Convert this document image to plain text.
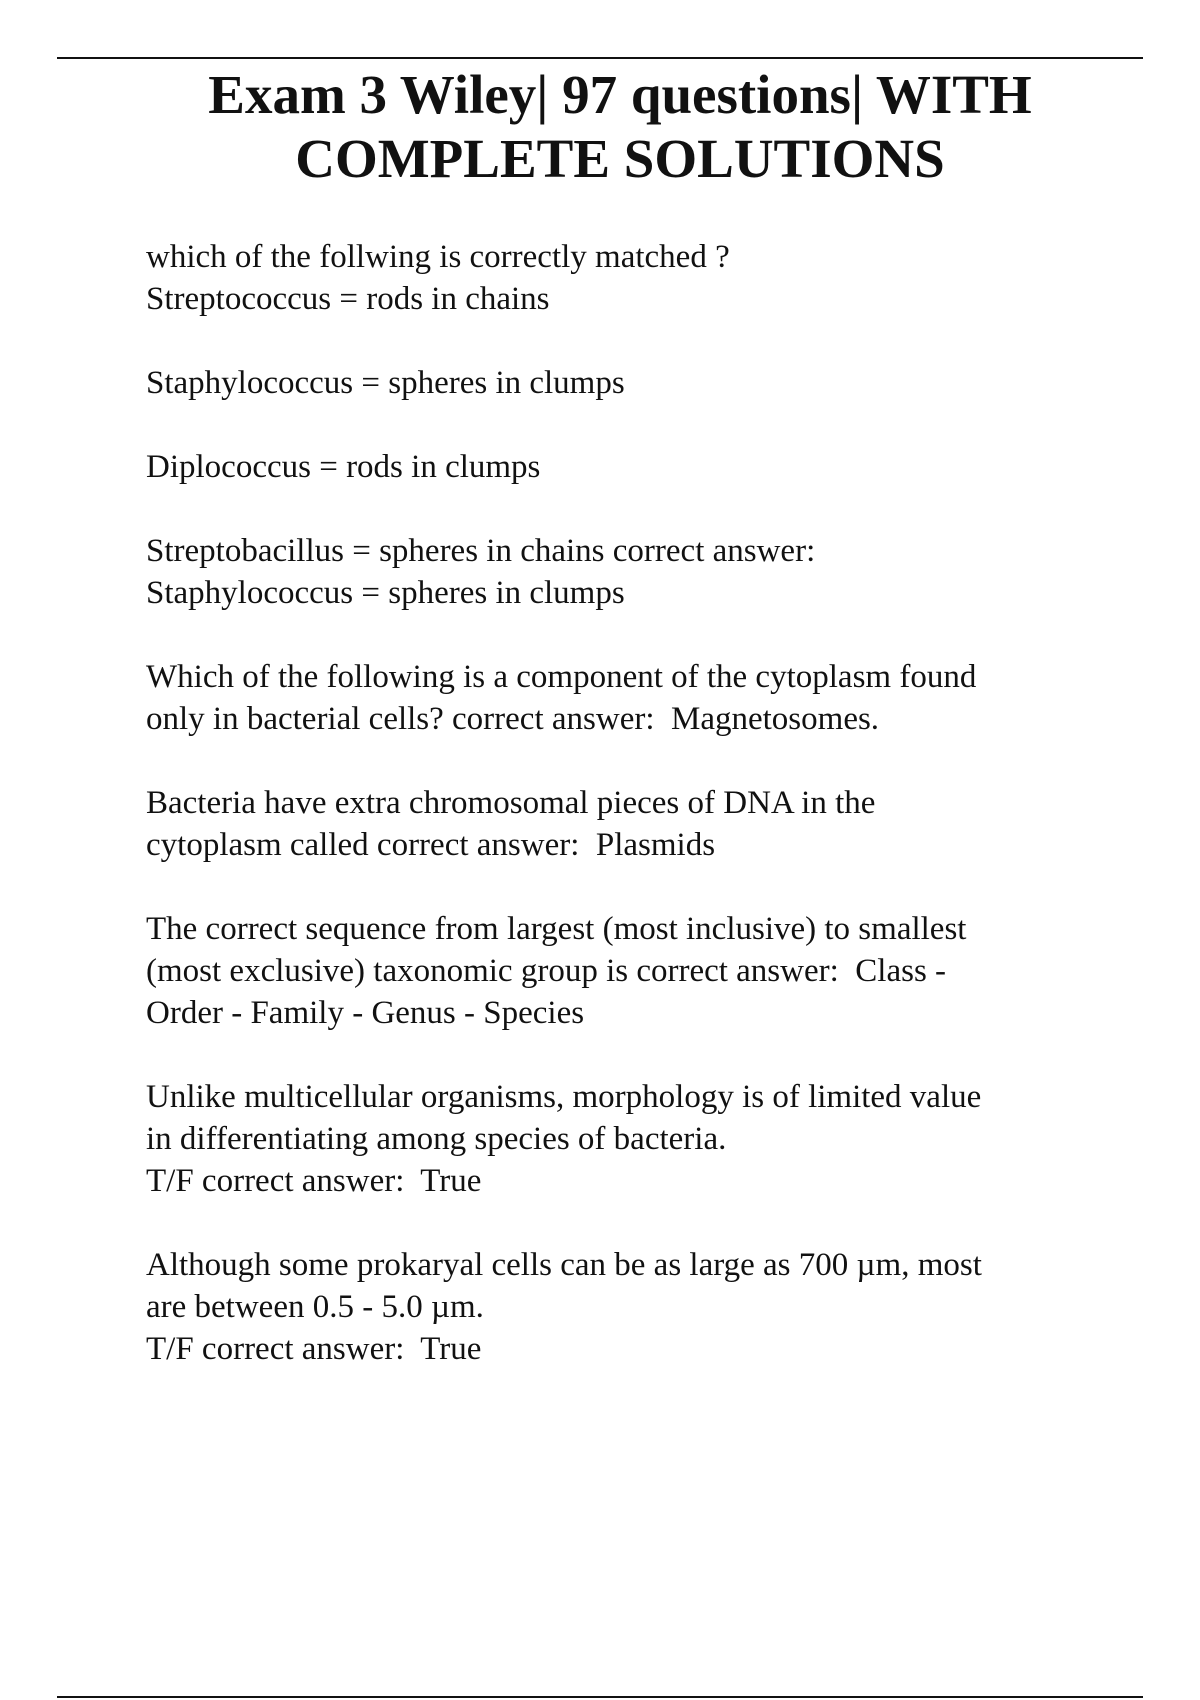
Exam 3 Wiley| 97 questions| WITH
COMPLETE SOLUTIONS

which of the follwing is correctly matched ?
Streptococcus = rods in chains

Staphylococcus = spheres in clumps

Diplococcus = rods in clumps

Streptobacillus = spheres in chains correct answer:
Staphylococcus = spheres in clumps

Which of the following is a component of the cytoplasm found
only in bacterial cells? correct answer:  Magnetosomes.

Bacteria have extra chromosomal pieces of DNA in the
cytoplasm called correct answer:  Plasmids

The correct sequence from largest (most inclusive) to smallest
(most exclusive) taxonomic group is correct answer:  Class -
Order - Family - Genus - Species

Unlike multicellular organisms, morphology is of limited value
in differentiating among species of bacteria.
T/F correct answer:  True

Although some prokaryal cells can be as large as 700 µm, most
are between 0.5 - 5.0 µm.
T/F correct answer:  True
